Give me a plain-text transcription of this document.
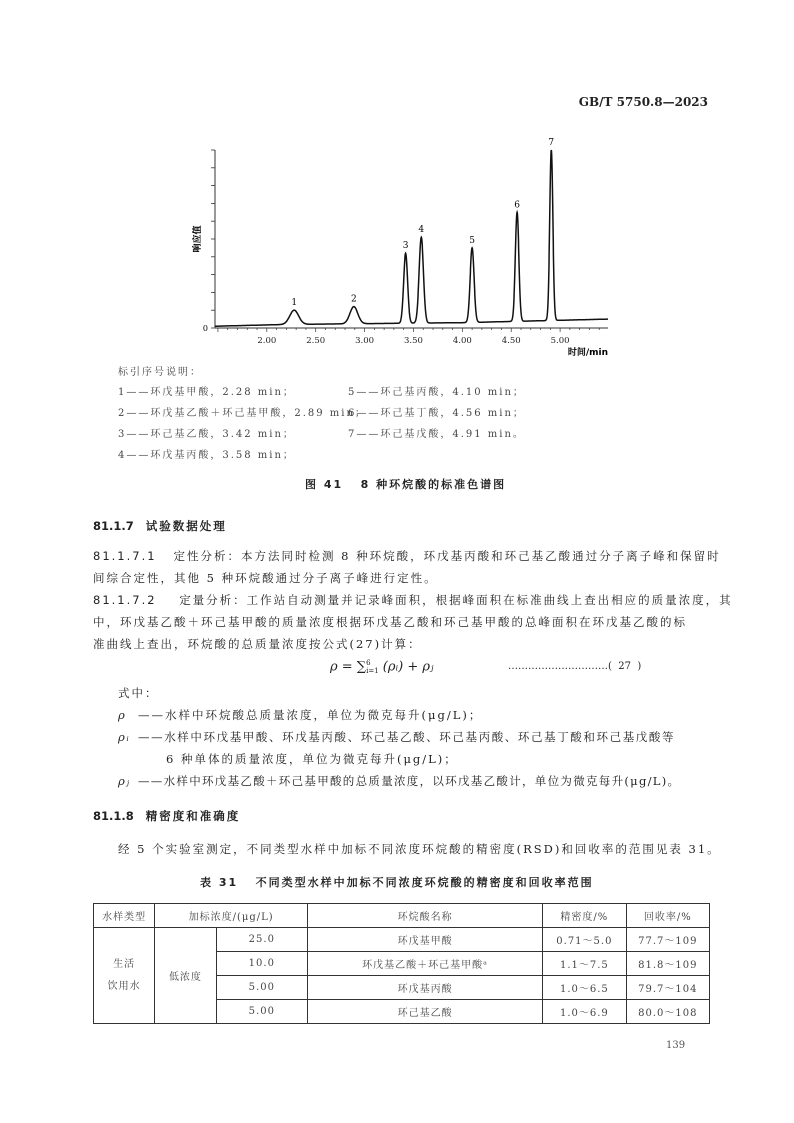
GB/T 5750.8—2023
2.00	2.50	3.00	3.50	4.00	4.50	5.00
0
时间/min
响应值
1	2
3
4
5
6
7
标引序号说明：
1——环戊基甲酸，2.28 min；
2——环戊基乙酸＋环己基甲酸，2.89 min；
3——环己基乙酸，3.42 min；
4——环戊基丙酸，3.58 min；
5——环己基丙酸，4.10 min；
6——环己基丁酸，4.56 min；
7——环己基戊酸，4.91 min。
图 41   8 种环烷酸的标准色谱图
81.1.7 试验数据处理
81.1.7.1 定性分析：本方法同时检测 8 种环烷酸，环戊基丙酸和环己基乙酸通过分子离子峰和保留时
间综合定性，其他 5 种环烷酸通过分子离子峰进行定性。
81.1.7.2 定量分析：工作站自动测量并记录峰面积，根据峰面积在标准曲线上查出相应的质量浓度，其
中，环戊基乙酸＋环己基甲酸的质量浓度根据环戊基乙酸和环己基甲酸的总峰面积在环戊基乙酸的标
准曲线上查出，环烷酸的总质量浓度按公式(27)计算：
ρ = ∑ 6
i=1 (ρᵢ) + ρⱼ	…………………………(  27  )
式中：
ρ ——水样中环烷酸总质量浓度，单位为微克每升(μg/L)；
ρᵢ ——水样中环戊基甲酸、环戊基丙酸、环己基乙酸、环己基丙酸、环己基丁酸和环己基戊酸等
6 种单体的质量浓度，单位为微克每升(μg/L)；
ρⱼ ——水样中环戊基乙酸＋环己基甲酸的总质量浓度，以环戊基乙酸计，单位为微克每升(μg/L)。
81.1.8 精密度和准确度
经 5 个实验室测定，不同类型水样中加标不同浓度环烷酸的精密度(RSD)和回收率的范围见表 31。
表 31   不同类型水样中加标不同浓度环烷酸的精密度和回收率范围
水样类型	加标浓度/(μg/L)		环烷酸名称	精密度/%	回收率/%
生活
饮用水	低浓度	25.0	环戊基甲酸	0.71～5.0	77.7～109
		10.0	环戊基乙酸＋环己基甲酸ᵃ	1.1～7.5	81.8～109
		5.00	环戊基丙酸	1.0～6.5	79.7～104
		5.00	环己基乙酸	1.0～6.9	80.0～108
139
